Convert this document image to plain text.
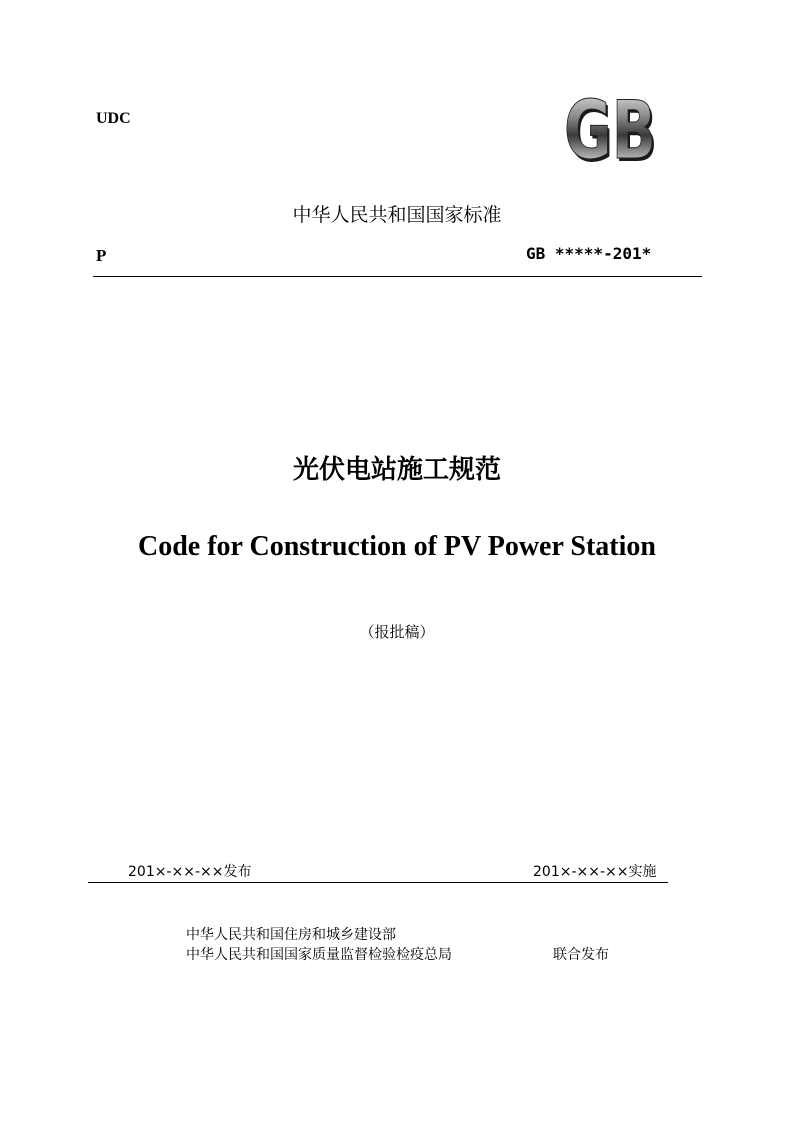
UDC	GB
GB
中华人民共和国国家标准
P	GB *****-201*
光伏电站施工规范
Code for Construction of PV Power Station
（报批稿）
201×-××-××发布	201×-××-××实施
中华人民共和国住房和城乡建设部
中华人民共和国国家质量监督检验检疫总局	联合发布
